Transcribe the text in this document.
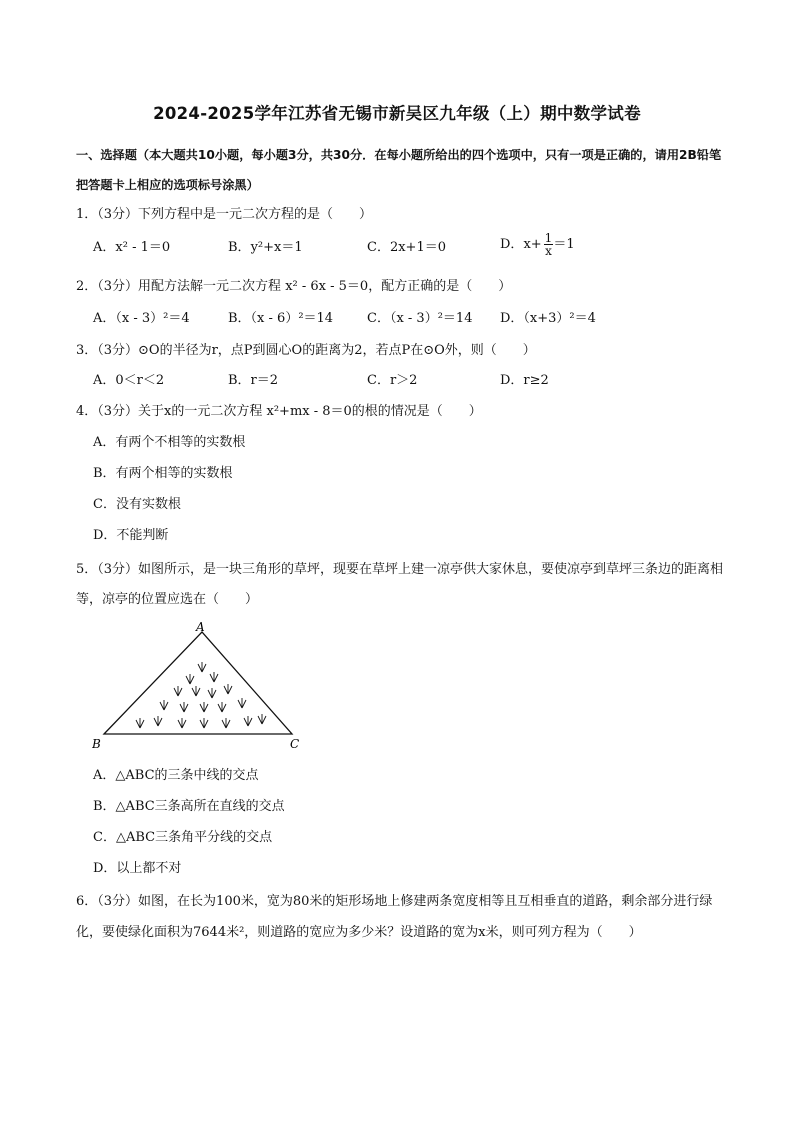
2024-2025学年江苏省无锡市新吴区九年级（上）期中数学试卷
一、选择题（本大题共10小题，每小题3分，共30分．在每小题所给出的四个选项中，只有一项是正确的，请用2B铅笔把答题卡上相应的选项标号涂黑）
1．（3分）下列方程中是一元二次方程的是（　　）
A．x² - 1＝0	B．y²+x＝1	C．2x+1＝0	D．$x+ \frac{1}{x} =1$
2．（3分）用配方法解一元二次方程 x² - 6x - 5＝0，配方正确的是（　　）
A．（x - 3）²＝4	B．（x - 6）²＝14	C．（x - 3）²＝14 D．（x+3）²＝4
3．（3分）⊙O的半径为r，点P到圆心O的距离为2，若点P在⊙O外，则（　　）
A．0＜r＜2	B．r＝2	C．r＞2	D．r≥2
4．（3分）关于x的一元二次方程 x²+mx - 8＝0的根的情况是（　　）
A．有两个不相等的实数根
B．有两个相等的实数根
C．没有实数根
D．不能判断
5．（3分）如图所示，是一块三角形的草坪，现要在草坪上建一凉亭供大家休息，要使凉亭到草坪三条边的距离相等，凉亭的位置应选在（　　）
A
B	C
A．△ABC的三条中线的交点
B．△ABC三条高所在直线的交点
C．△ABC三条角平分线的交点
D．以上都不对
6．（3分）如图，在长为100米，宽为80米的矩形场地上修建两条宽度相等且互相垂直的道路，剩余部分进行绿化，要使绿化面积为7644米²，则道路的宽应为多少米？设道路的宽为x米，则可列方程为（　　）
